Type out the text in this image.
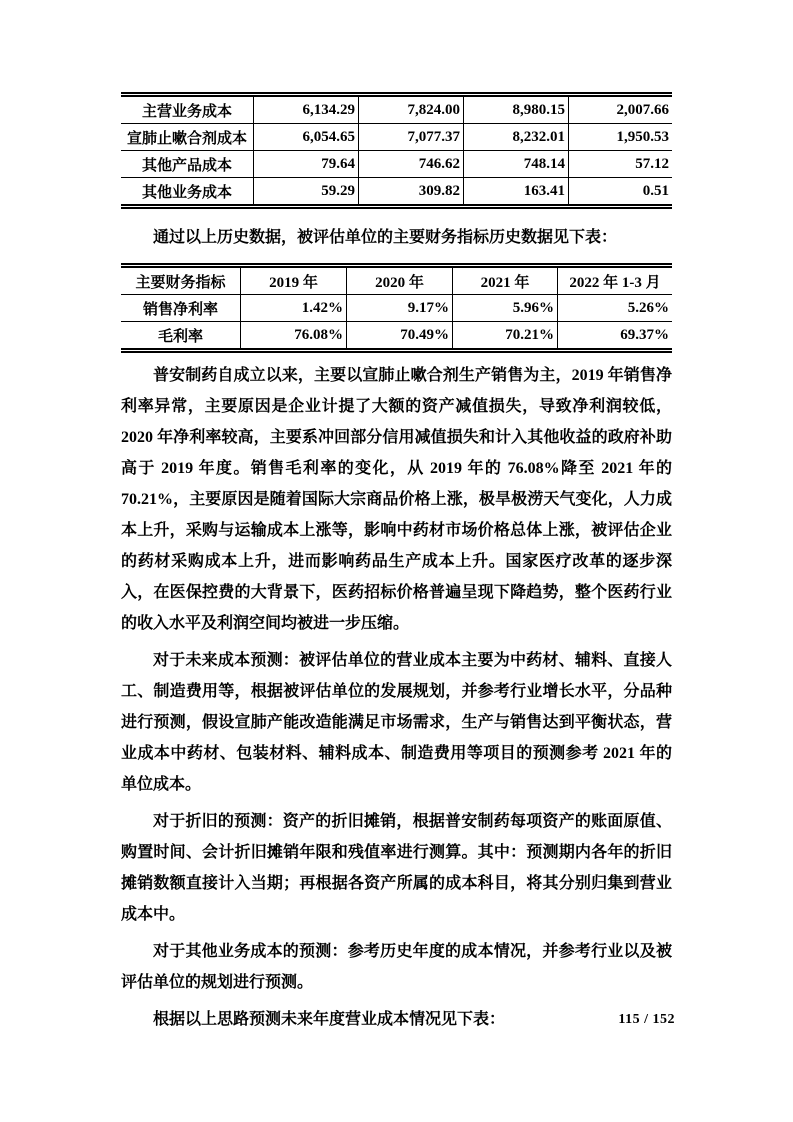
主营业务成本	6,134.29	7,824.00	8,980.15	2,007.66
宣肺止嗽合剂成本	6,054.65	7,077.37	8,232.01	1,950.53
其他产品成本	79.64	746.62	748.14	57.12
其他业务成本	59.29	309.82	163.41	0.51

通过以上历史数据，被评估单位的主要财务指标历史数据见下表：

主要财务指标	2019 年	2020 年	2021 年	2022 年 1-3 月
销售净利率	1.42%	9.17%	5.96%	5.26%
毛利率	76.08%	70.49%	70.21%	69.37%

普安制药自成立以来，主要以宣肺止嗽合剂生产销售为主，2019 年销售净利率异常，主要原因是企业计提了大额的资产减值损失，导致净利润较低，2020 年净利率较高，主要系冲回部分信用减值损失和计入其他收益的政府补助高于 2019 年度。销售毛利率的变化，从 2019 年的 76.08%降至 2021 年的 70.21%，主要原因是随着国际大宗商品价格上涨，极旱极涝天气变化，人力成本上升，采购与运输成本上涨等，影响中药材市场价格总体上涨，被评估企业的药材采购成本上升，进而影响药品生产成本上升。国家医疗改革的逐步深入，在医保控费的大背景下，医药招标价格普遍呈现下降趋势，整个医药行业的收入水平及利润空间均被进一步压缩。

对于未来成本预测：被评估单位的营业成本主要为中药材、辅料、直接人工、制造费用等，根据被评估单位的发展规划，并参考行业增长水平，分品种进行预测，假设宣肺产能改造能满足市场需求，生产与销售达到平衡状态，营业成本中药材、包装材料、辅料成本、制造费用等项目的预测参考 2021 年的单位成本。

对于折旧的预测：资产的折旧摊销，根据普安制药每项资产的账面原值、购置时间、会计折旧摊销年限和残值率进行测算。其中：预测期内各年的折旧摊销数额直接计入当期；再根据各资产所属的成本科目，将其分别归集到营业成本中。

对于其他业务成本的预测：参考历史年度的成本情况，并参考行业以及被评估单位的规划进行预测。

根据以上思路预测未来年度营业成本情况见下表：	115 / 152
